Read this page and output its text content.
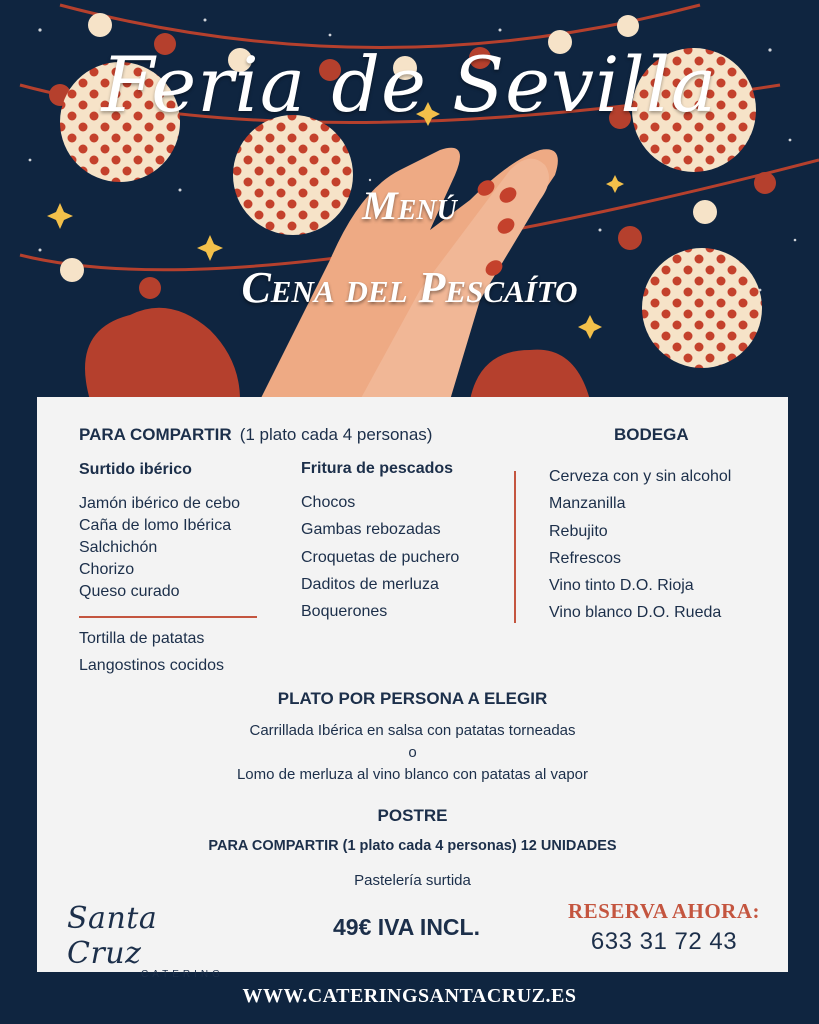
Feria de Sevilla
Menú
Cena del Pescaíto
PARA COMPARTIR (1 plato cada 4 personas)
Surtido ibérico
Jamón ibérico de cebo
Caña de lomo Ibérica
Salchichón
Chorizo
Queso curado
Tortilla de patatas
Langostinos cocidos
Fritura de pescados
Chocos
Gambas rebozadas
Croquetas de puchero
Daditos de merluza
Boquerones
BODEGA
Cerveza con y sin alcohol
Manzanilla
Rebujito
Refrescos
Vino tinto D.O. Rioja
Vino blanco D.O. Rueda
PLATO POR PERSONA A ELEGIR
Carrillada Ibérica en salsa con patatas torneadas
o
Lomo de merluza al vino blanco con patatas al vapor
POSTRE
PARA COMPARTIR (1 plato cada 4 personas) 12 UNIDADES
Pastelería surtida
Santa Cruz
CATERING
49€ IVA INCL.
RESERVA AHORA:
633 31 72 43
WWW.CATERINGSANTACRUZ.ES
